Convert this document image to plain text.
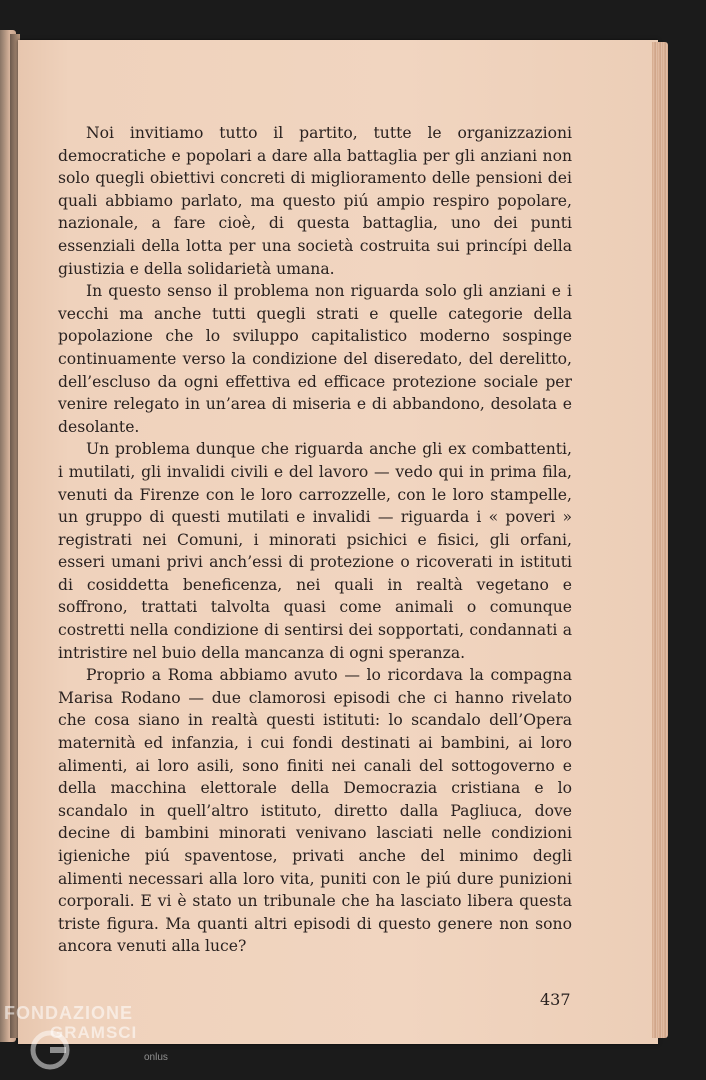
Noi invitiamo tutto il partito, tutte le organizzazioni democratiche e popolari a dare alla battaglia per gli anziani non solo quegli obiettivi concreti di miglioramento delle pensioni dei quali abbiamo parlato, ma questo piú ampio respiro popolare, nazionale, a fare cioè, di questa battaglia, uno dei punti essenziali della lotta per una società costruita sui princípi della giustizia e della solidarietà umana.

In questo senso il problema non riguarda solo gli anziani e i vecchi ma anche tutti quegli strati e quelle categorie della popolazione che lo sviluppo capitalistico moderno sospinge continuamente verso la condizione del diseredato, del derelitto, dell’escluso da ogni effettiva ed efficace protezione sociale per venire relegato in un’area di miseria e di abbandono, desolata e desolante.

Un problema dunque che riguarda anche gli ex combattenti, i mutilati, gli invalidi civili e del lavoro — vedo qui in prima fila, venuti da Firenze con le loro carrozzelle, con le loro stampelle, un gruppo di questi mutilati e invalidi — riguarda i « poveri » registrati nei Comuni, i minorati psichici e fisici, gli orfani, esseri umani privi anch’essi di protezione o ricoverati in istituti di cosiddetta beneficenza, nei quali in realtà vegetano e soffrono, trattati talvolta quasi come animali o comunque costretti nella condizione di sentirsi dei sopportati, condannati a intristire nel buio della mancanza di ogni speranza.

Proprio a Roma abbiamo avuto — lo ricordava la compagna Marisa Rodano — due clamorosi episodi che ci hanno rivelato che cosa siano in realtà questi istituti: lo scandalo dell’Opera maternità ed infanzia, i cui fondi destinati ai bambini, ai loro alimenti, ai loro asili, sono finiti nei canali del sottogoverno e della macchina elettorale della Democrazia cristiana e lo scandalo in quell’altro istituto, diretto dalla Pagliuca, dove decine di bambini minorati venivano lasciati nelle condizioni igieniche piú spaventose, privati anche del minimo degli alimenti necessari alla loro vita, puniti con le piú dure punizioni corporali. E vi è stato un tribunale che ha lasciato libera questa triste figura. Ma quanti altri episodi di questo genere non sono ancora venuti alla luce?

437
FONDAZIONE
GRAMSCI
onlus
